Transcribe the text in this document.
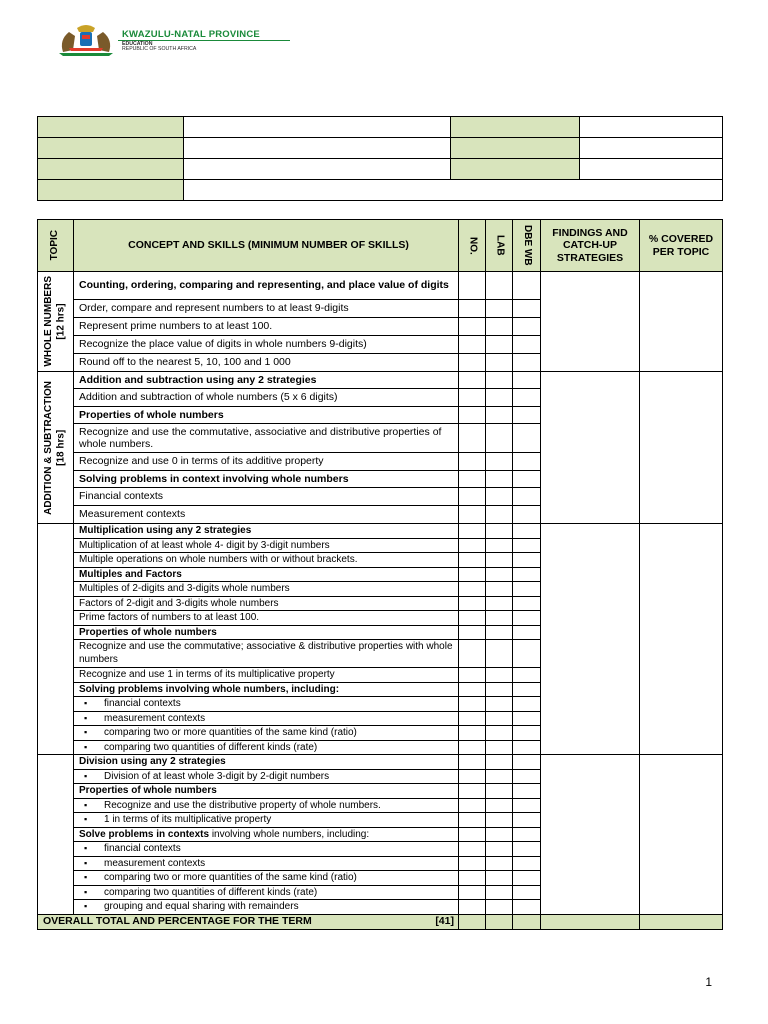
KWAZULU-NATAL PROVINCE
EDUCATION
REPUBLIC OF SOUTH AFRICA

TOPIC	CONCEPT AND SKILLS (MINIMUM NUMBER OF SKILLS)	NO.	LAB	DBE WB	FINDINGS AND CATCH-UP STRATEGIES	% COVERED PER TOPIC

WHOLE NUMBERS [12 hrs]	Counting, ordering, comparing and representing, and place value of digits					
	Order, compare and represent numbers to at least 9-digits					
	Represent prime numbers to at least 100.					
	Recognize the place value of digits in whole numbers 9-digits)					
	Round off to the nearest 5, 10, 100 and 1 000					

ADDITION & SUBTRACTION [18 hrs]	Addition and subtraction using any 2 strategies					
	Addition and subtraction of whole numbers (5 x 6 digits)					
	Properties of whole numbers					
	Recognize and use the commutative, associative and distributive properties of whole numbers.					
	Recognize and use 0 in terms of its additive property					
	Solving problems in context involving whole numbers					
	Financial contexts					
	Measurement contexts					
	Multiplication using any 2 strategies					
	Multiplication of at least whole 4- digit by 3-digit numbers					
	Multiple operations on whole numbers with or without brackets.					
	Multiples and Factors					
	Multiples of 2-digits and 3-digits whole numbers					
	Factors of 2-digit and 3-digits whole numbers					
	Prime factors of numbers to at least 100.					
	Properties of whole numbers					
	Recognize and use the commutative; associative & distributive properties with whole numbers					
	Recognize and use 1 in terms of its multiplicative property					
	Solving problems involving whole numbers, including:					
	▪ financial contexts			
	▪ measurement contexts			
	▪ comparing two or more quantities of the same kind (ratio)			
	▪ comparing two quantities of different kinds (rate)			
	Division using any 2 strategies					
	▪ Division of at least whole 3-digit by 2-digit numbers			
	Properties of whole numbers					
	▪ Recognize and use the distributive property of whole numbers.			
	▪ 1 in terms of its multiplicative property			
	Solve problems in contexts involving whole numbers, including:					
	▪ financial contexts			
	▪ measurement contexts			
	▪ comparing two or more quantities of the same kind (ratio)			
	▪ comparing two quantities of different kinds (rate)			
	▪ grouping and equal sharing with remainders			
OVERALL TOTAL AND PERCENTAGE FOR THE TERM [41]						

1
